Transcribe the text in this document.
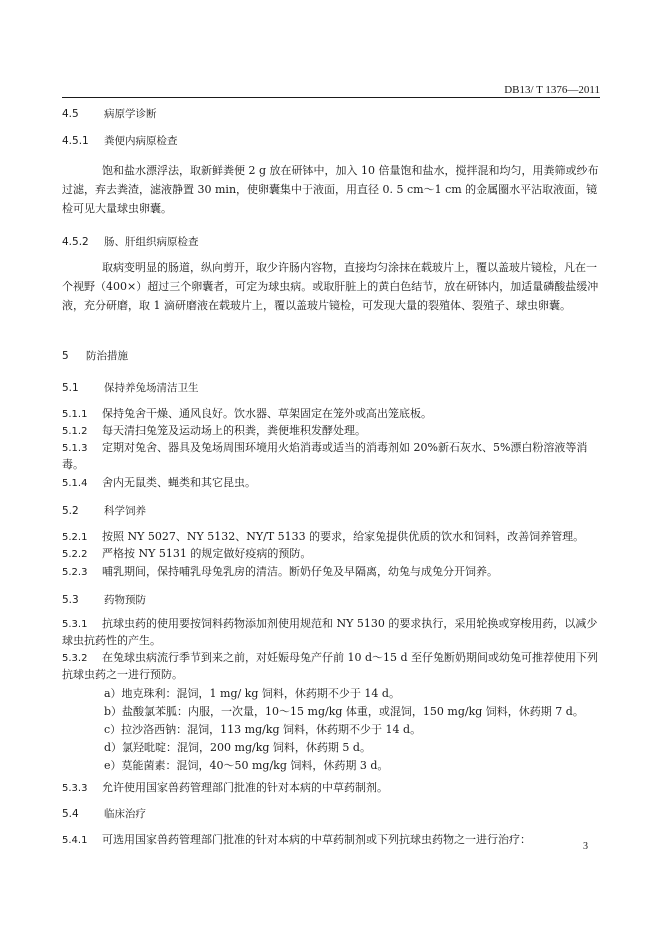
DB13/ T 1376—2011
4.5 病原学诊断
4.5.1 粪便内病原检查
饱和盐水漂浮法，取新鲜粪便 2 g 放在研钵中，加入 10 倍量饱和盐水，搅拌混和均匀，用粪筛或纱布过滤，弃去粪渣，滤液静置 30 min，使卵囊集中于液面，用直径 0. 5 cm～1 cm 的金属圈水平沾取液面，镜检可见大量球虫卵囊。
4.5.2 肠、肝组织病原检查
取病变明显的肠道，纵向剪开，取少许肠内容物，直接均匀涂抹在载玻片上，覆以盖玻片镜检，凡在一个视野（400×）超过三个卵囊者，可定为球虫病。或取肝脏上的黄白色结节，放在研钵内，加适量磷酸盐缓冲液，充分研磨，取 1 滴研磨液在载玻片上，覆以盖玻片镜检，可发现大量的裂殖体、裂殖子、球虫卵囊。
5 防治措施
5.1 保持养兔场清洁卫生
5.1.1 保持兔舍干燥、通风良好。饮水器、草架固定在笼外或高出笼底板。
5.1.2 每天清扫兔笼及运动场上的积粪，粪便堆积发酵处理。
5.1.3 定期对兔舍、器具及兔场周围环境用火焰消毒或适当的消毒剂如 20%新石灰水、5%漂白粉溶液等消毒。
5.1.4 舍内无鼠类、蝇类和其它昆虫。
5.2 科学饲养
5.2.1 按照 NY 5027、NY 5132、NY/T 5133 的要求，给家兔提供优质的饮水和饲料，改善饲养管理。
5.2.2 严格按 NY 5131 的规定做好疫病的预防。
5.2.3 哺乳期间，保持哺乳母兔乳房的清洁。断奶仔兔及早隔离，幼兔与成兔分开饲养。
5.3 药物预防
5.3.1 抗球虫药的使用要按饲料药物添加剂使用规范和 NY 5130 的要求执行，采用轮换或穿梭用药，以减少球虫抗药性的产生。
5.3.2 在兔球虫病流行季节到来之前，对妊娠母兔产仔前 10 d～15 d 至仔兔断奶期间或幼兔可推荐使用下列抗球虫药之一进行预防。
a）地克珠利：混饲，1 mg/ kg 饲料，休药期不少于 14 d。
b）盐酸氯苯胍：内服，一次量，10～15 mg/kg 体重，或混饲，150 mg/kg 饲料，休药期 7 d。
c）拉沙洛西钠：混饲，113 mg/kg 饲料，休药期不少于 14 d。
d）氯羟吡啶：混饲，200 mg/kg 饲料，休药期 5 d。
e）莫能菌素：混饲，40～50 mg/kg 饲料，休药期 3 d。
5.3.3 允许使用国家兽药管理部门批准的针对本病的中草药制剂。
5.4 临床治疗
5.4.1 可选用国家兽药管理部门批准的针对本病的中草药制剂或下列抗球虫药物之一进行治疗：
3
